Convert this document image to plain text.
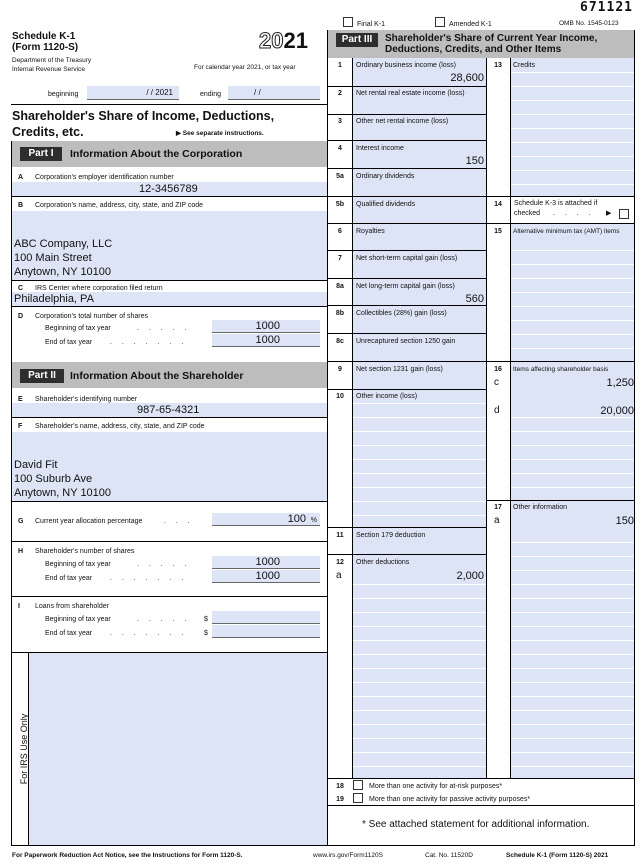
671121
Final K-1	Amended K-1	OMB No. 1545-0123
Schedule K-1
(Form 1120-S)
Department of the Treasury
Internal Revenue Service
2021
For calendar year 2021, or tax year
beginning	/ / 2021	ending	/ /
Shareholder's Share of Income, Deductions,
Credits, etc.	▶ See separate instructions.
Part I	Information About the Corporation
A Corporation's employer identification number
12-3456789
B Corporation's name, address, city, state, and ZIP code
ABC Company, LLC
100 Main Street
Anytown, NY 10100
C IRS Center where corporation filed return
Philadelphia, PA
D Corporation's total number of shares
Beginning of tax year	. . . . .	1000
End of tax year	. . . . . . .	1000
Part II	Information About the Shareholder
E Shareholder's identifying number
987-65-4321
F Shareholder's name, address, city, state, and ZIP code
David Fit
100 Suburb Ave
Anytown, NY 10100
G Current year allocation percentage	. . .	100 %
H Shareholder's number of shares
Beginning of tax year	. . . . .	1000
End of tax year	. . . . . . .	1000
I Loans from shareholder
Beginning of tax year	. . . . . $
End of tax year	. . . . . . . $
For IRS Use Only
Part III	Shareholder's Share of Current Year Income,
Deductions, Credits, and Other Items
1	Ordinary business income (loss)
28,600
2	Net rental real estate income (loss)
3	Other net rental income (loss)
4	Interest income
150
5a	Ordinary dividends
5b	Qualified dividends
6	Royalties
7	Net short-term capital gain (loss)
8a	Net long-term capital gain (loss)
560
8b	Collectibles (28%) gain (loss)
8c	Unrecaptured section 1250 gain
9	Net section 1231 gain (loss)
10	Other income (loss)
11	Section 179 deduction
12	Other deductions
a	2,000
13	Credits
14	Schedule K-3 is attached if
checked . . . . ▶
15	Alternative minimum tax (AMT) items
16	Items affecting shareholder basis
c	1,250
d	20,000
17	Other information
a	150
18	More than one activity for at-risk purposes*
19	More than one activity for passive activity purposes*
* See attached statement for additional information.
For Paperwork Reduction Act Notice, see the Instructions for Form 1120-S.	www.irs.gov/Form1120S	Cat. No. 11520D	Schedule K-1 (Form 1120-S) 2021
